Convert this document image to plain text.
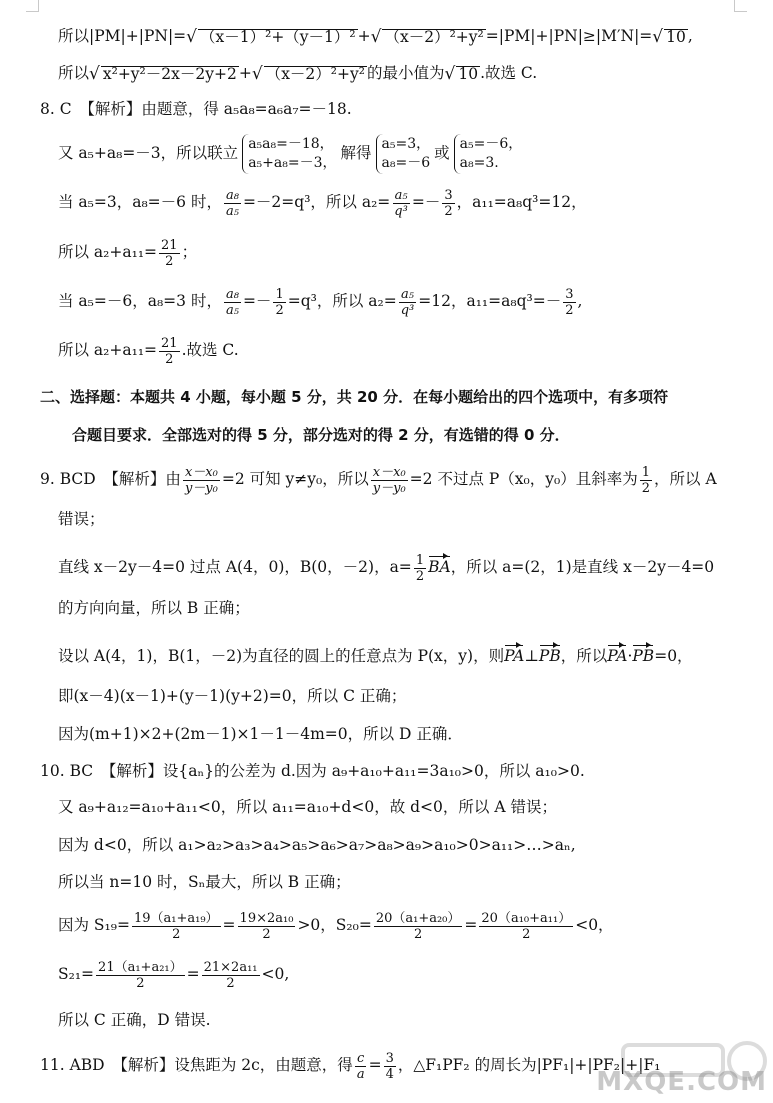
所以|PM|+|PN|= √ （x－1）²+（y－1）² + √ （x－2）²+y² =|PM|+|PN|≥|M′N|= √ 10 ,
所以 √ x²+y²－2x－2y+2 + √ （x－2）²+y² 的最小值为 √ 10 .故选 C.
8. C　【解析】由题意，得 a₅a₈=a₆a₇=－18.
又 a₅+a₈=－3，所以联立
a₅a₈=－18，
a₅+a₈=－3，
解得
a₅=3，
a₈=－6
或
a₅=－6，
a₈=3.
当 a₅=3，a₈=－6 时， $\frac{\text{a₈}}{\text{a₅}} =-2=q^3$，所以 $a_2= \frac{\text{a₅}}{\text{q³}} =- \frac{3}{2}$ ，a₁₁=a₈q³=12，
所以 $a_2+a_{11}= \frac{21}{2}$ ；
当 a₅=－6，a₈=3 时， $\frac{\text{a₈}}{\text{a₅}} =- \frac{1}{2} =q^3$，所以 $a_2= \frac{\text{a₅}}{\text{q³}} =12$，$a_{11}=a_8q^3=- \frac{3}{2}$ ,
所以 $a_2+a_{11}= \frac{21}{2}$ .故选 C.
二、选择题：本题共 4 小题，每小题 5 分，共 20 分．在每小题给出的四个选项中，有多项符
合题目要求．全部选对的得 5 分，部分选对的得 2 分，有选错的得 0 分．
9. BCD　【解析】由 $\frac{\text{x－x₀}}{\text{y－y₀}} =2$ 可知 y≠y₀，所以 $\frac{\text{x－x₀}}{\text{y－y₀}} =2$ 不过点 P（x₀，y₀）且斜率为 $\frac{1}{2}$ ，所以 A
错误；
直线 x－2y－4=0 过点 A(4，0)，B(0，－2)，$a= \frac{1}{2}$ BA ，所以 a=(2，1)是直线 x－2y－4=0
的方向向量，所以 B 正确；
设以 A(4，1)，B(1，－2)为直径的圆上的任意点为 P(x，y)，则 PA ⊥ PB ，所以 PA · PB =0，
即(x－4)(x－1)+(y－1)(y+2)=0，所以 C 正确；
因为(m+1)×2+(2m－1)×1－1－4m=0，所以 D 正确．
10. BC　【解析】设{aₙ}的公差为 d.因为 a₉+a₁₀+a₁₁=3a₁₀>0，所以 a₁₀>0.
又 a₉+a₁₂=a₁₀+a₁₁<0，所以 a₁₁=a₁₀+d<0，故 d<0，所以 A 错误；
因为 d<0，所以 a₁>a₂>a₃>a₄>a₅>a₆>a₇>a₈>a₉>a₁₀>0>a₁₁>…>aₙ,
所以当 n=10 时，Sₙ最大，所以 B 正确；
因为 $S_{19}= \frac{\text{19（a₁+a₁₉）}}{2} = \frac{\text{19×2a₁₀}}{2} >0$，$S_{20}= \frac{\text{20（a₁+a₂₀）}}{2} = \frac{\text{20（a₁₀+a₁₁）}}{2} <0$，
$S_{21}= \frac{\text{21（a₁+a₂₁）}}{2} = \frac{\text{21×2a₁₁}}{2} <0$,
所以 C 正确，D 错误.
11. ABD　【解析】设焦距为 2c，由题意，得 $\frac{c}{a} = \frac{3}{4}$ ，△F₁PF₂ 的周长为|PF₁|+|PF₂|+|F₁
MXQE.COM
